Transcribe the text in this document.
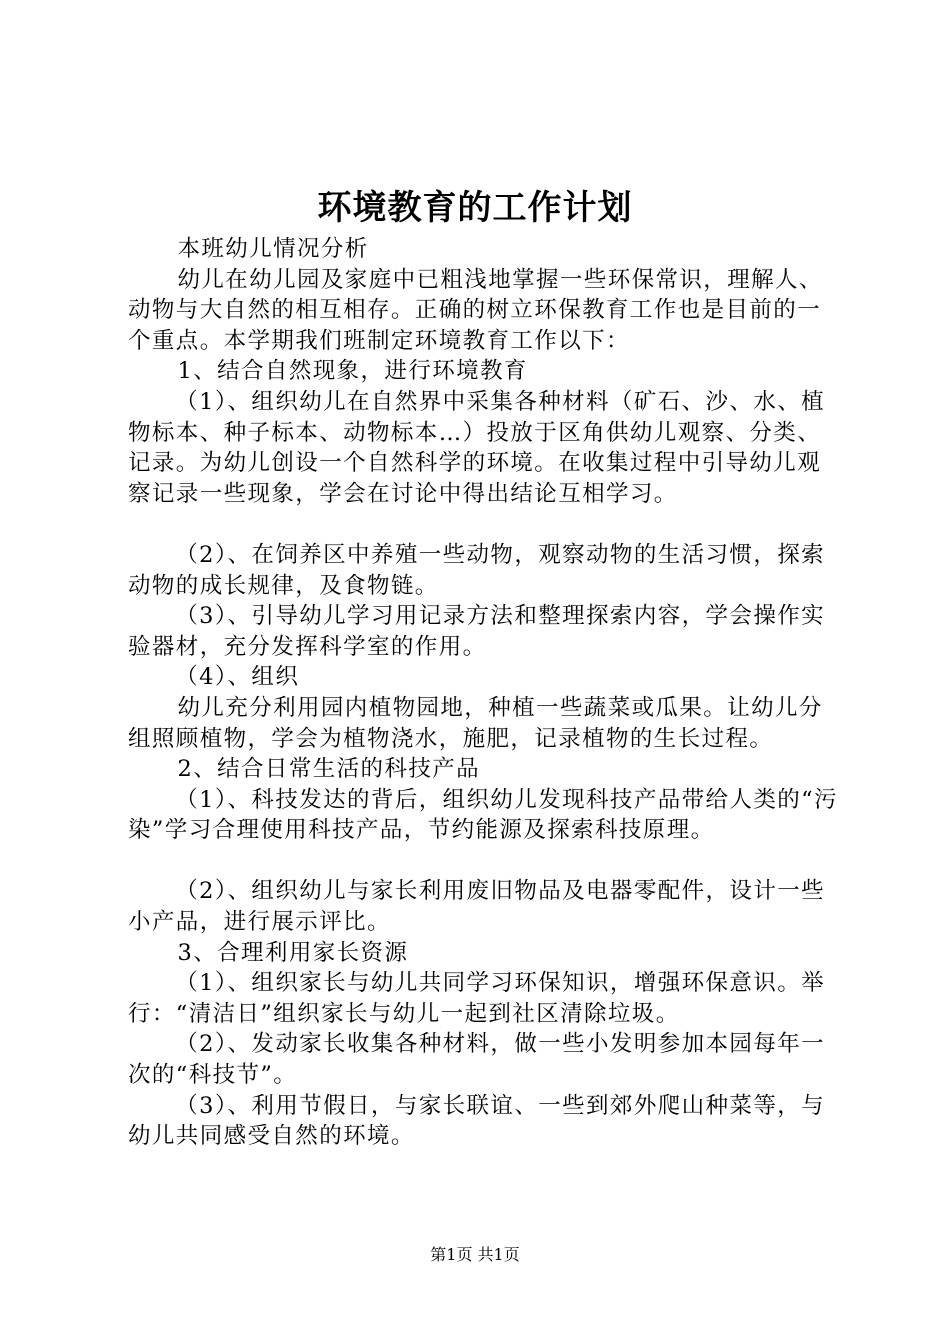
环境教育的工作计划

本班幼儿情况分析

幼儿在幼儿园及家庭中已粗浅地掌握一些环保常识，理解人、动物与大自然的相互相存。正确的树立环保教育工作也是目前的一个重点。本学期我们班制定环境教育工作以下：

1、结合自然现象，进行环境教育

（1）、组织幼儿在自然界中采集各种材料（矿石、沙、水、植物标本、种子标本、动物标本…）投放于区角供幼儿观察、分类、记录。为幼儿创设一个自然科学的环境。在收集过程中引导幼儿观察记录一些现象，学会在讨论中得出结论互相学习。

（2）、在饲养区中养殖一些动物，观察动物的生活习惯，探索动物的成长规律，及食物链。

（3）、引导幼儿学习用记录方法和整理探索内容，学会操作实验器材，充分发挥科学室的作用。

（4）、组织

幼儿充分利用园内植物园地，种植一些蔬菜或瓜果。让幼儿分组照顾植物，学会为植物浇水，施肥，记录植物的生长过程。

2、结合日常生活的科技产品

（1）、科技发达的背后，组织幼儿发现科技产品带给人类的“污染”学习合理使用科技产品，节约能源及探索科技原理。

（2）、组织幼儿与家长利用废旧物品及电器零配件，设计一些小产品，进行展示评比。

3、合理利用家长资源

（1）、组织家长与幼儿共同学习环保知识，增强环保意识。举行：“清洁日”组织家长与幼儿一起到社区清除垃圾。

（2）、发动家长收集各种材料，做一些小发明参加本园每年一次的“科技节”。

（3）、利用节假日，与家长联谊、一些到郊外爬山种菜等，与幼儿共同感受自然的环境。

第1页 共1页
